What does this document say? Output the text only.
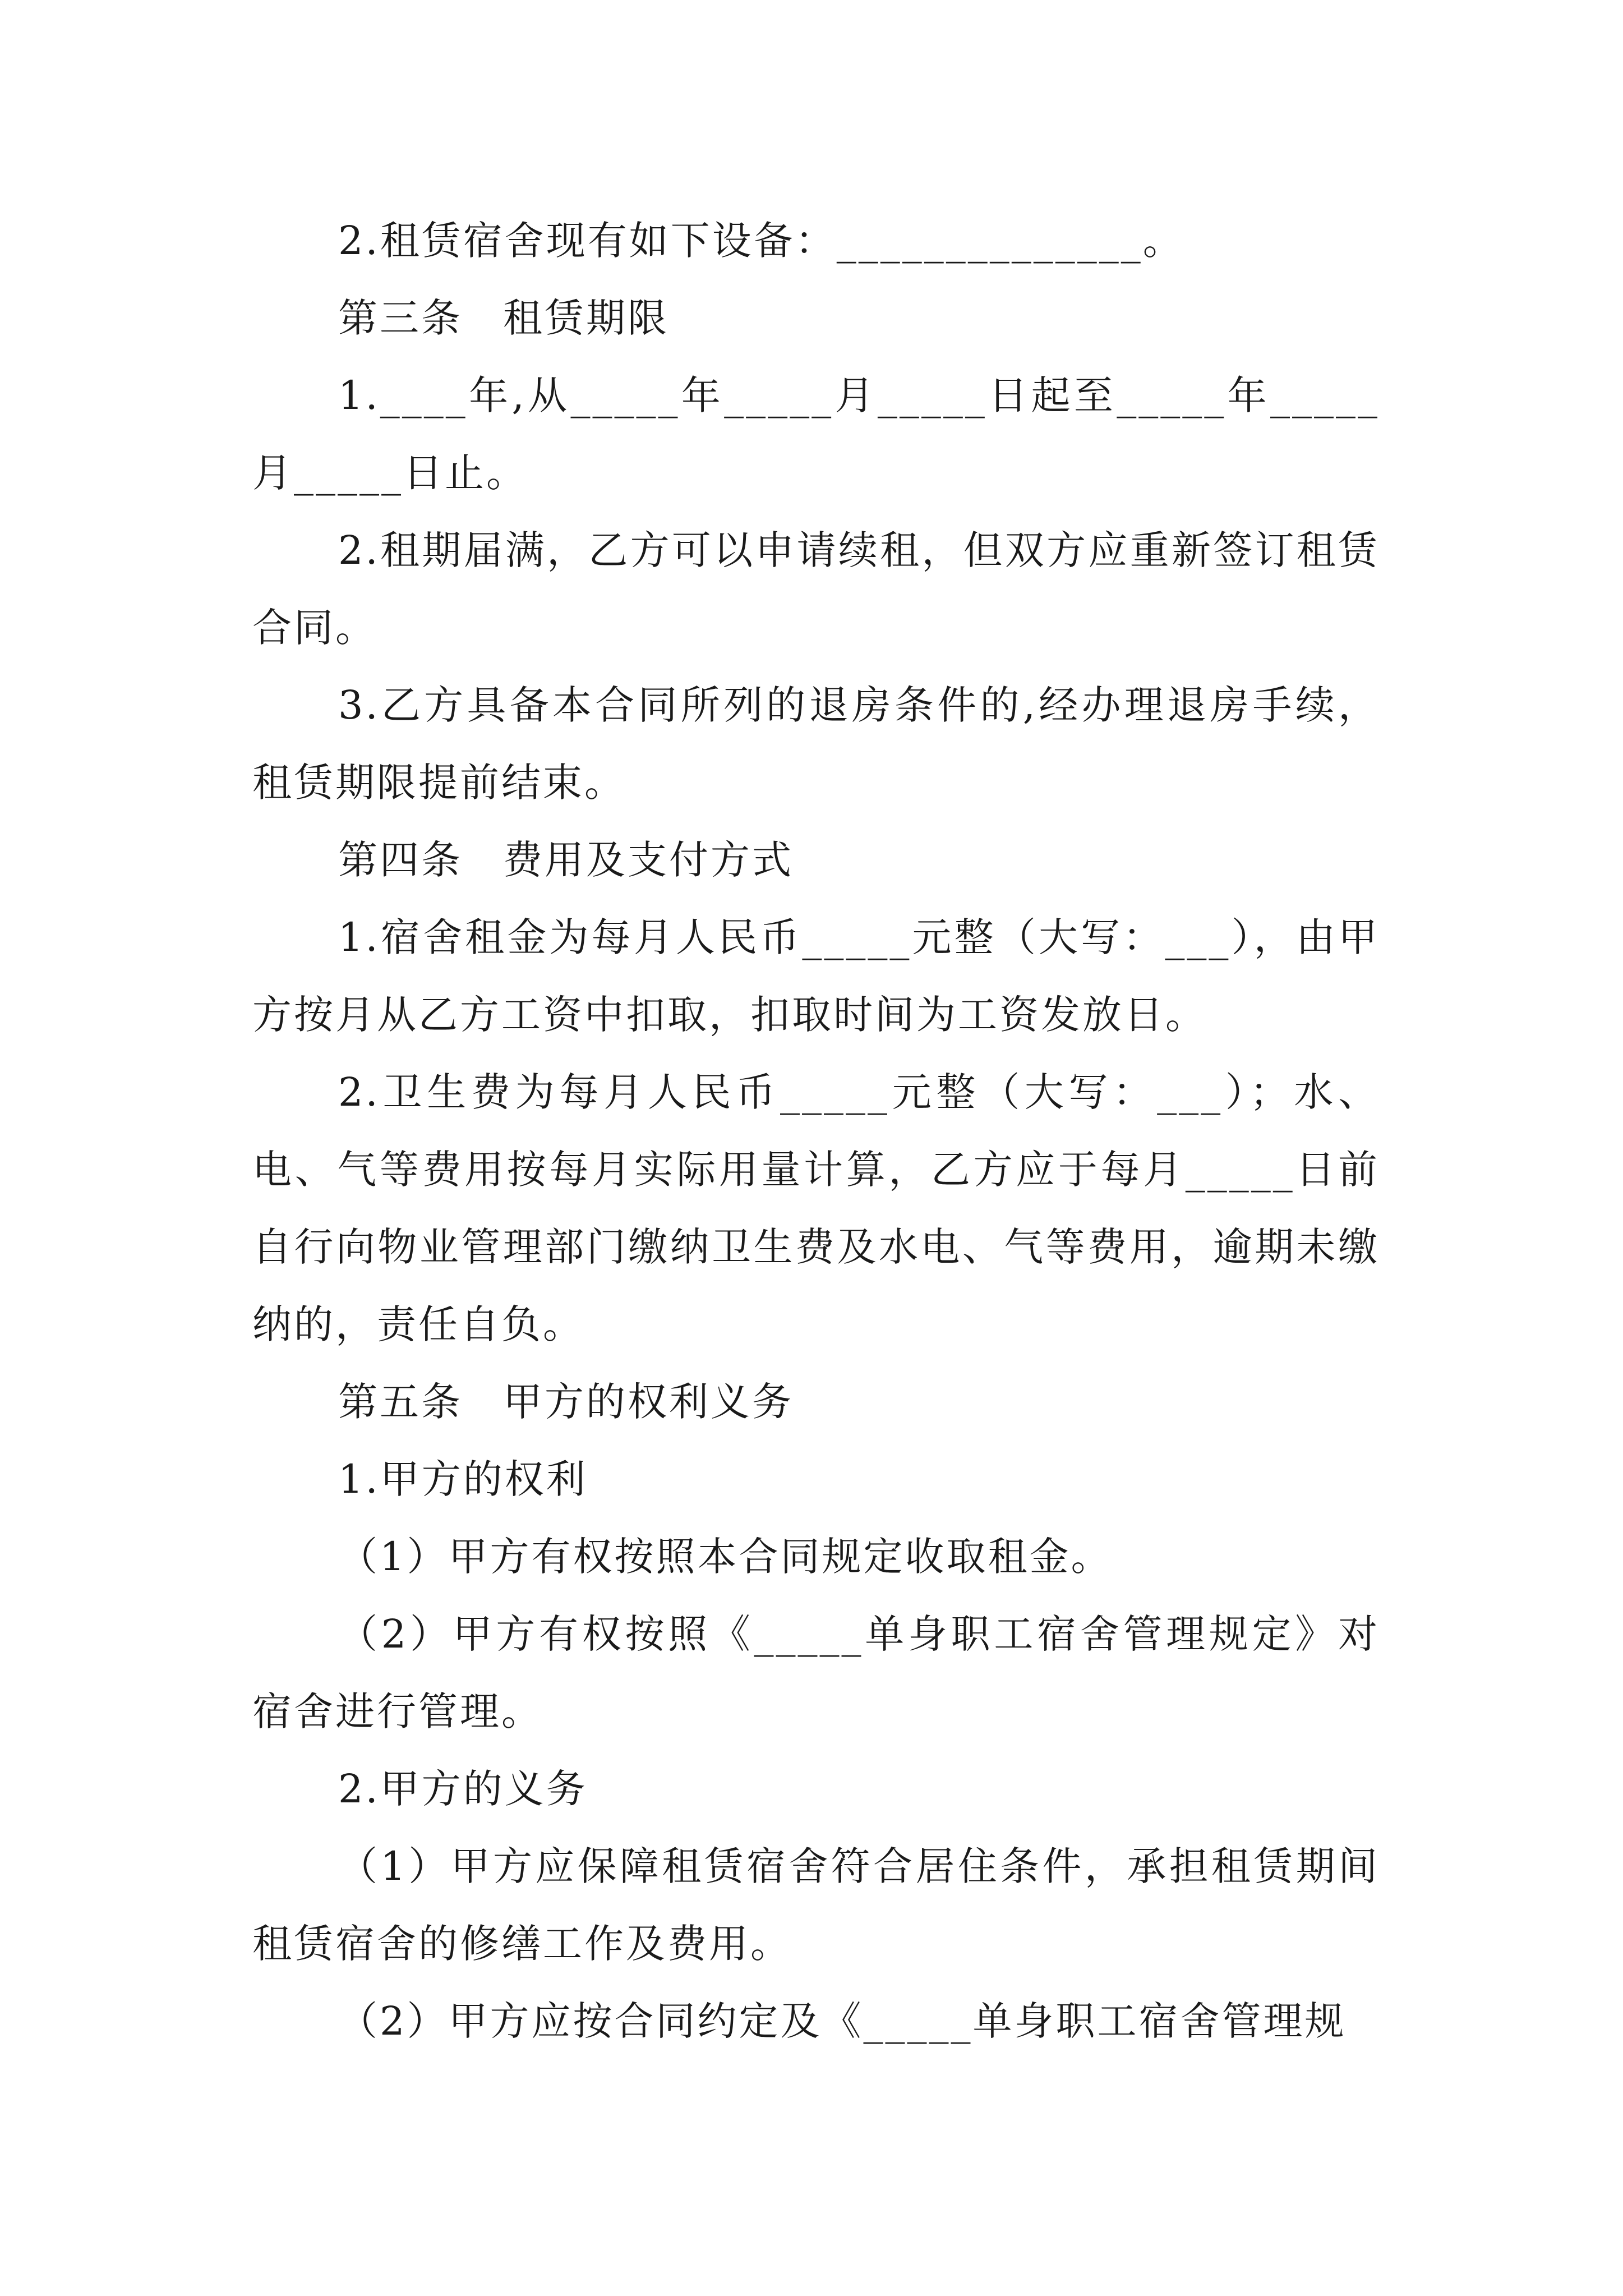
2.租赁宿舍现有如下设备：______________。

第三条 租赁期限

1.____年,从_____年_____月_____日起至_____年_____月_____日止。

2.租期届满，乙方可以申请续租，但双方应重新签订租赁合同。

3.乙方具备本合同所列的退房条件的,经办理退房手续，租赁期限提前结束。

第四条 费用及支付方式

1.宿舍租金为每月人民币_____元整（大写：___），由甲方按月从乙方工资中扣取，扣取时间为工资发放日。

2.卫生费为每月人民币_____元整（大写：___）；水、电、气等费用按每月实际用量计算，乙方应于每月_____日前自行向物业管理部门缴纳卫生费及水电、气等费用，逾期未缴纳的，责任自负。

第五条 甲方的权利义务

1.甲方的权利

（1）甲方有权按照本合同规定收取租金。

（2）甲方有权按照《_____单身职工宿舍管理规定》对宿舍进行管理。

2.甲方的义务

（1）甲方应保障租赁宿舍符合居住条件，承担租赁期间租赁宿舍的修缮工作及费用。

（2）甲方应按合同约定及《_____单身职工宿舍管理规
